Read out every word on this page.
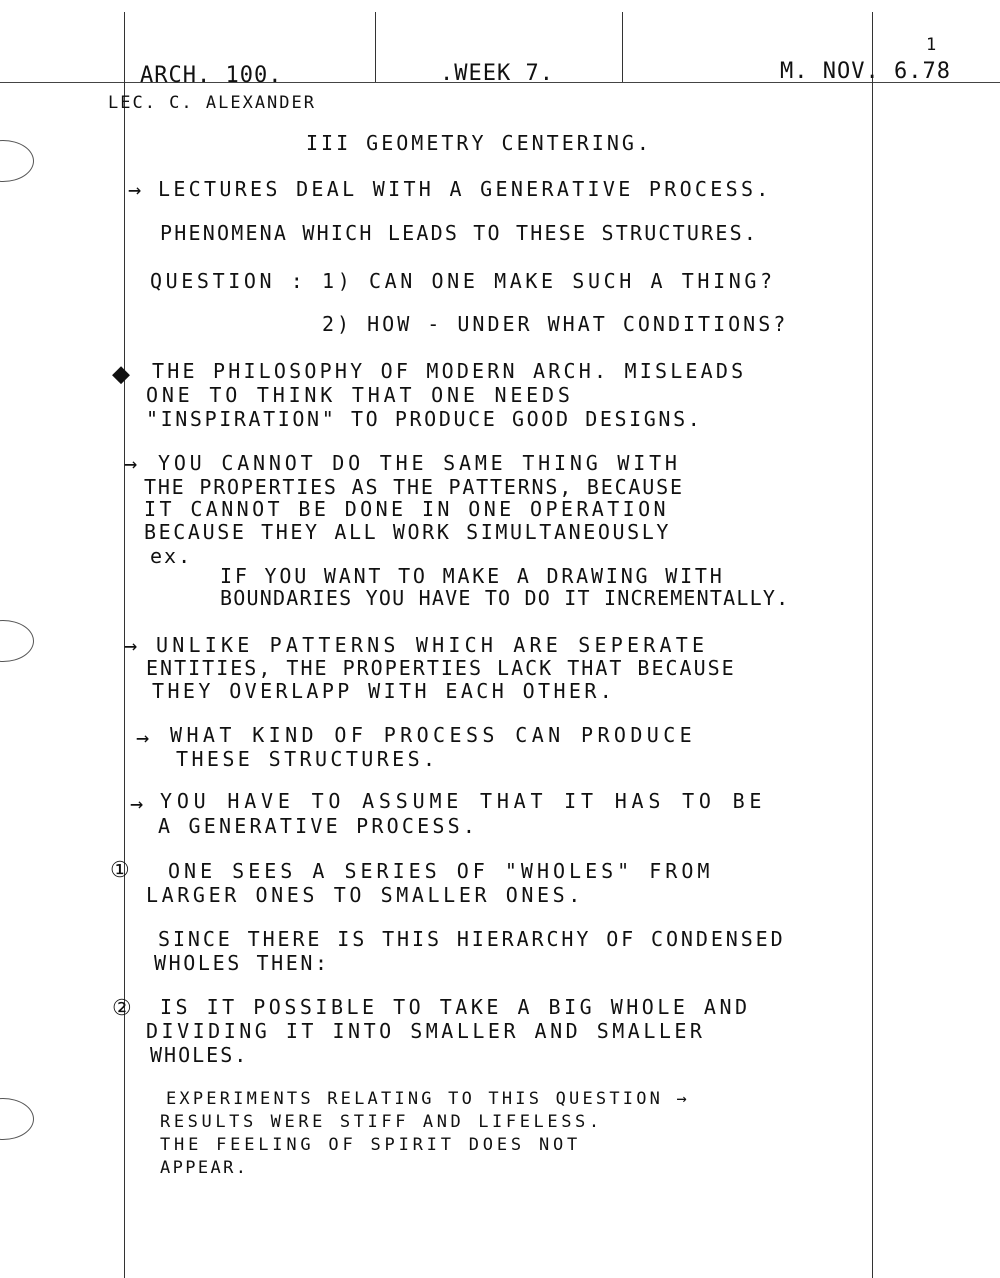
1
ARCH. 100.	.WEEK 7.	M. NOV. 6.78
LEC. C. ALEXANDER
III GEOMETRY CENTERING.
→ LECTURES DEAL WITH A GENERATIVE PROCESS.
PHENOMENA WHICH LEADS TO THESE STRUCTURES.
QUESTION : 1) CAN ONE MAKE SUCH A THING?
2) HOW - UNDER WHAT CONDITIONS?
◆ THE PHILOSOPHY OF MODERN ARCH. MISLEADS
ONE TO THINK THAT ONE NEEDS
"INSPIRATION" TO PRODUCE GOOD DESIGNS.
→ YOU CANNOT DO THE SAME THING WITH
THE PROPERTIES AS THE PATTERNS, BECAUSE
IT CANNOT BE DONE IN ONE OPERATION
BECAUSE THEY ALL WORK SIMULTANEOUSLY
ex.
IF YOU WANT TO MAKE A DRAWING WITH
BOUNDARIES YOU HAVE TO DO IT INCREMENTALLY.
→ UNLIKE PATTERNS WHICH ARE SEPERATE
ENTITIES, THE PROPERTIES LACK THAT BECAUSE
THEY OVERLAPP WITH EACH OTHER.
→ WHAT KIND OF PROCESS CAN PRODUCE
THESE STRUCTURES.
→ YOU HAVE TO ASSUME THAT IT HAS TO BE
A GENERATIVE PROCESS.
① ONE SEES A SERIES OF "WHOLES" FROM
LARGER ONES TO SMALLER ONES.
SINCE THERE IS THIS HIERARCHY OF CONDENSED
WHOLES THEN:
② IS IT POSSIBLE TO TAKE A BIG WHOLE AND
DIVIDING IT INTO SMALLER AND SMALLER
WHOLES.
EXPERIMENTS RELATING TO THIS QUESTION →
RESULTS WERE STIFF AND LIFELESS.
THE FEELING OF SPIRIT DOES NOT
APPEAR.
